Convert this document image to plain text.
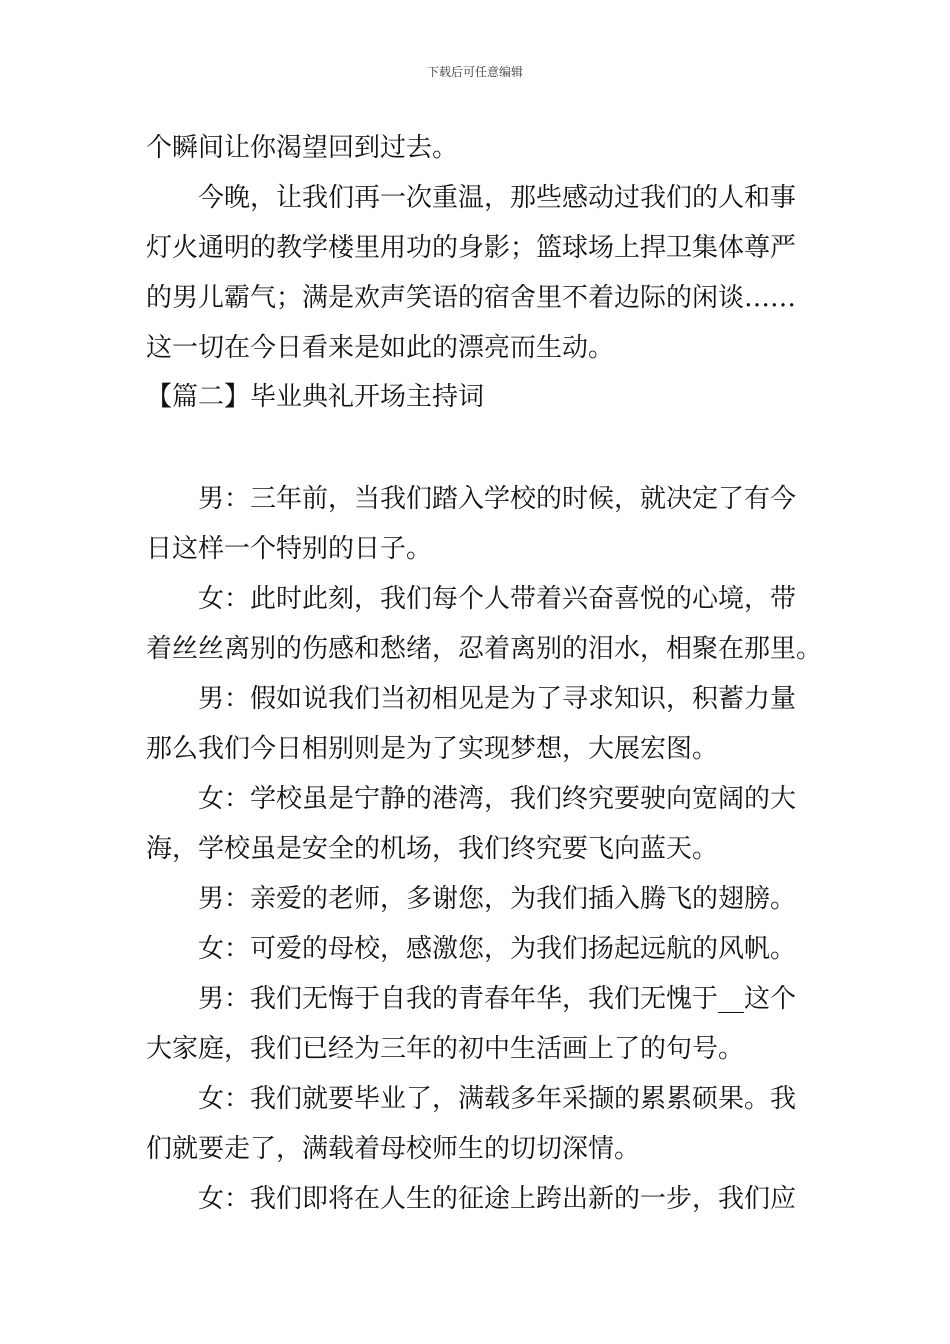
下载后可任意编辑
个瞬间让你渴望回到过去。
今晚，让我们再一次重温，那些感动过我们的人和事
灯火通明的教学楼里用功的身影；篮球场上捍卫集体尊严
的男儿霸气；满是欢声笑语的宿舍里不着边际的闲谈……
这一切在今日看来是如此的漂亮而生动。
【篇二】毕业典礼开场主持词
男：三年前，当我们踏入学校的时候，就决定了有今
日这样一个特别的日子。
女：此时此刻，我们每个人带着兴奋喜悦的心境，带
着丝丝离别的伤感和愁绪，忍着离别的泪水，相聚在那里。
男：假如说我们当初相见是为了寻求知识，积蓄力量
那么我们今日相别则是为了实现梦想，大展宏图。
女：学校虽是宁静的港湾，我们终究要驶向宽阔的大
海，学校虽是安全的机场，我们终究要飞向蓝天。
男：亲爱的老师，多谢您，为我们插入腾飞的翅膀。
女：可爱的母校，感激您，为我们扬起远航的风帆。
男：我们无悔于自我的青春年华，我们无愧于__这个
大家庭，我们已经为三年的初中生活画上了的句号。
女：我们就要毕业了，满载多年采撷的累累硕果。我
们就要走了，满载着母校师生的切切深情。
女：我们即将在人生的征途上跨出新的一步，我们应
